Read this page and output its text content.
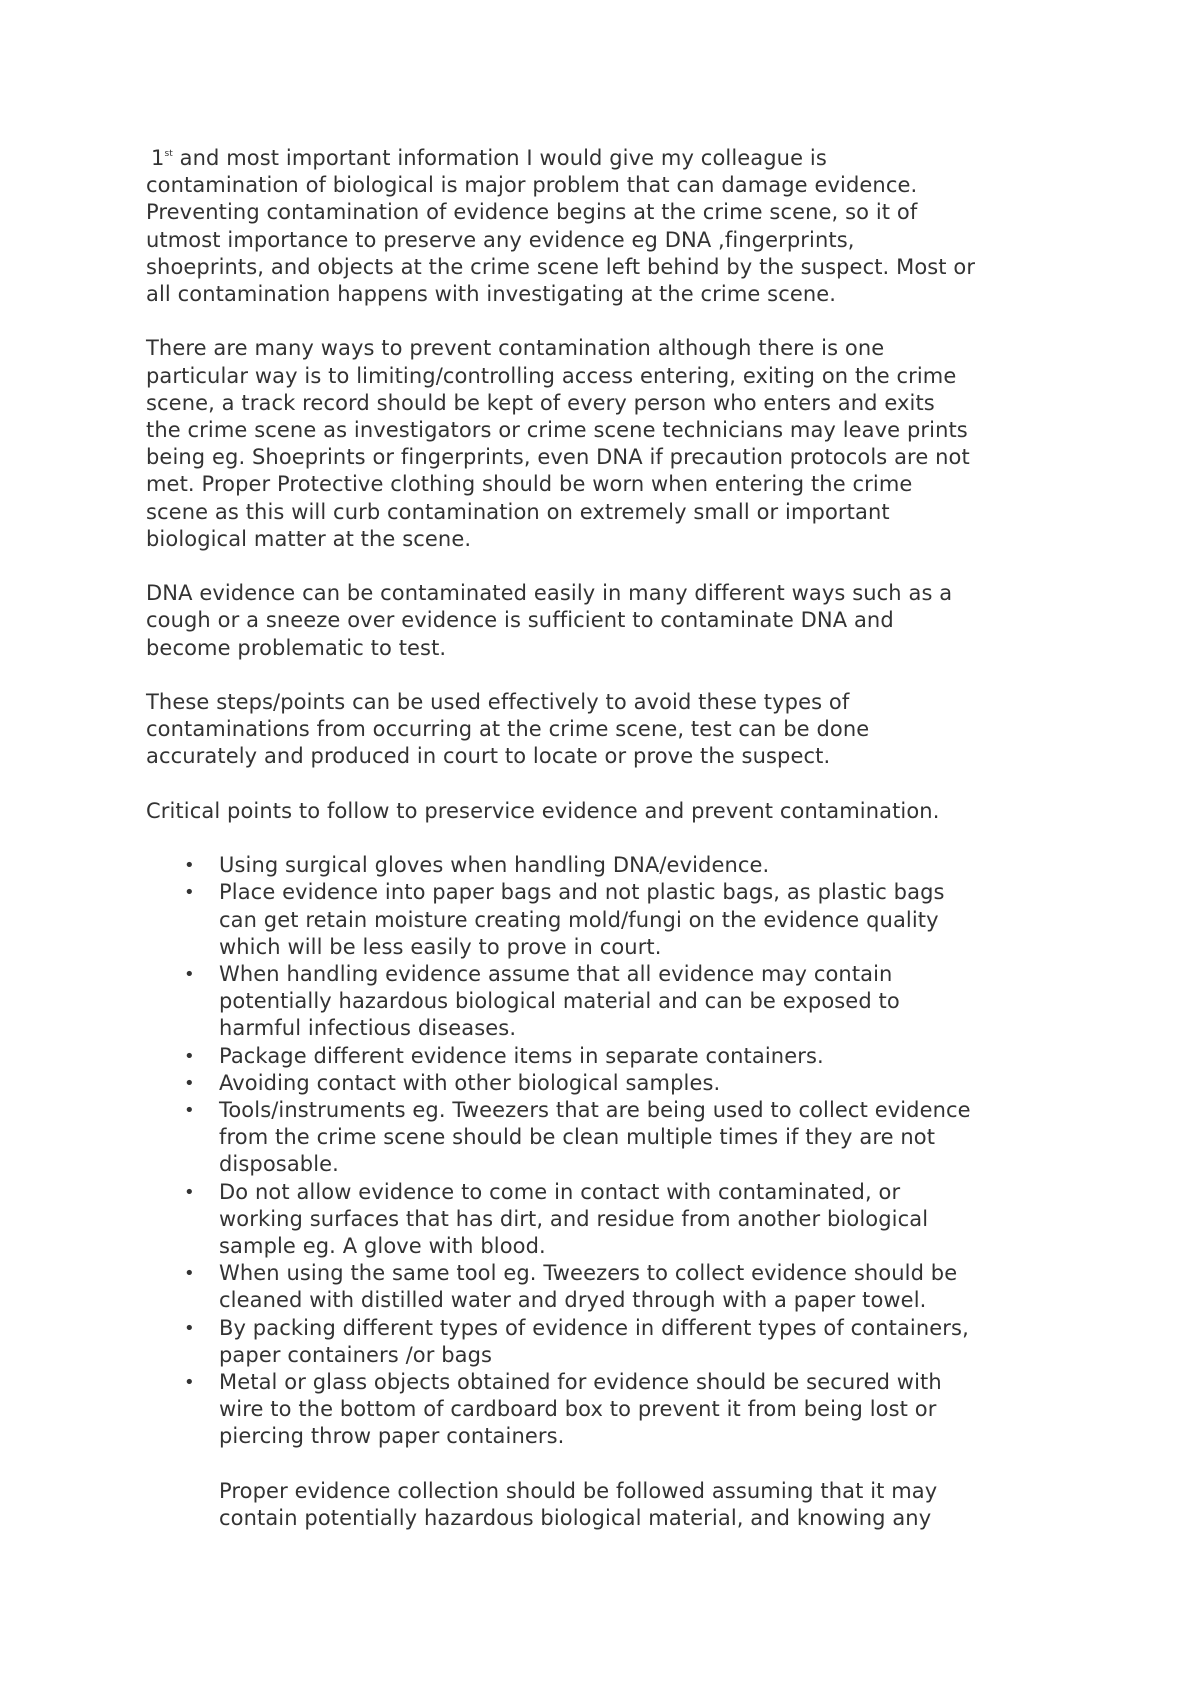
1st and most important information I would give my colleague is
contamination of biological is major problem that can damage evidence.
Preventing contamination of evidence begins at the crime scene, so it of
utmost importance to preserve any evidence eg DNA ,fingerprints,
shoeprints, and objects at the crime scene left behind by the suspect. Most or
all contamination happens with investigating at the crime scene.

There are many ways to prevent contamination although there is one
particular way is to limiting/controlling access entering, exiting on the crime
scene, a track record should be kept of every person who enters and exits
the crime scene as investigators or crime scene technicians may leave prints
being eg. Shoeprints or fingerprints, even DNA if precaution protocols are not
met. Proper Protective clothing should be worn when entering the crime
scene as this will curb contamination on extremely small or important
biological matter at the scene.

DNA evidence can be contaminated easily in many different ways such as a
cough or a sneeze over evidence is sufficient to contaminate DNA and
become problematic to test.

These steps/points can be used effectively to avoid these types of
contaminations from occurring at the crime scene, test can be done
accurately and produced in court to locate or prove the suspect.

Critical points to follow to preservice evidence and prevent contamination.

• Using surgical gloves when handling DNA/evidence.
• Place evidence into paper bags and not plastic bags, as plastic bags
can get retain moisture creating mold/fungi on the evidence quality
which will be less easily to prove in court.
• When handling evidence assume that all evidence may contain
potentially hazardous biological material and can be exposed to
harmful infectious diseases.
• Package different evidence items in separate containers.
• Avoiding contact with other biological samples.
• Tools/instruments eg. Tweezers that are being used to collect evidence
from the crime scene should be clean multiple times if they are not
disposable.
• Do not allow evidence to come in contact with contaminated, or
working surfaces that has dirt, and residue from another biological
sample eg. A glove with blood.
• When using the same tool eg. Tweezers to collect evidence should be
cleaned with distilled water and dryed through with a paper towel.
• By packing different types of evidence in different types of containers,
paper containers /or bags
• Metal or glass objects obtained for evidence should be secured with
wire to the bottom of cardboard box to prevent it from being lost or
piercing throw paper containers.

Proper evidence collection should be followed assuming that it may
contain potentially hazardous biological material, and knowing any
